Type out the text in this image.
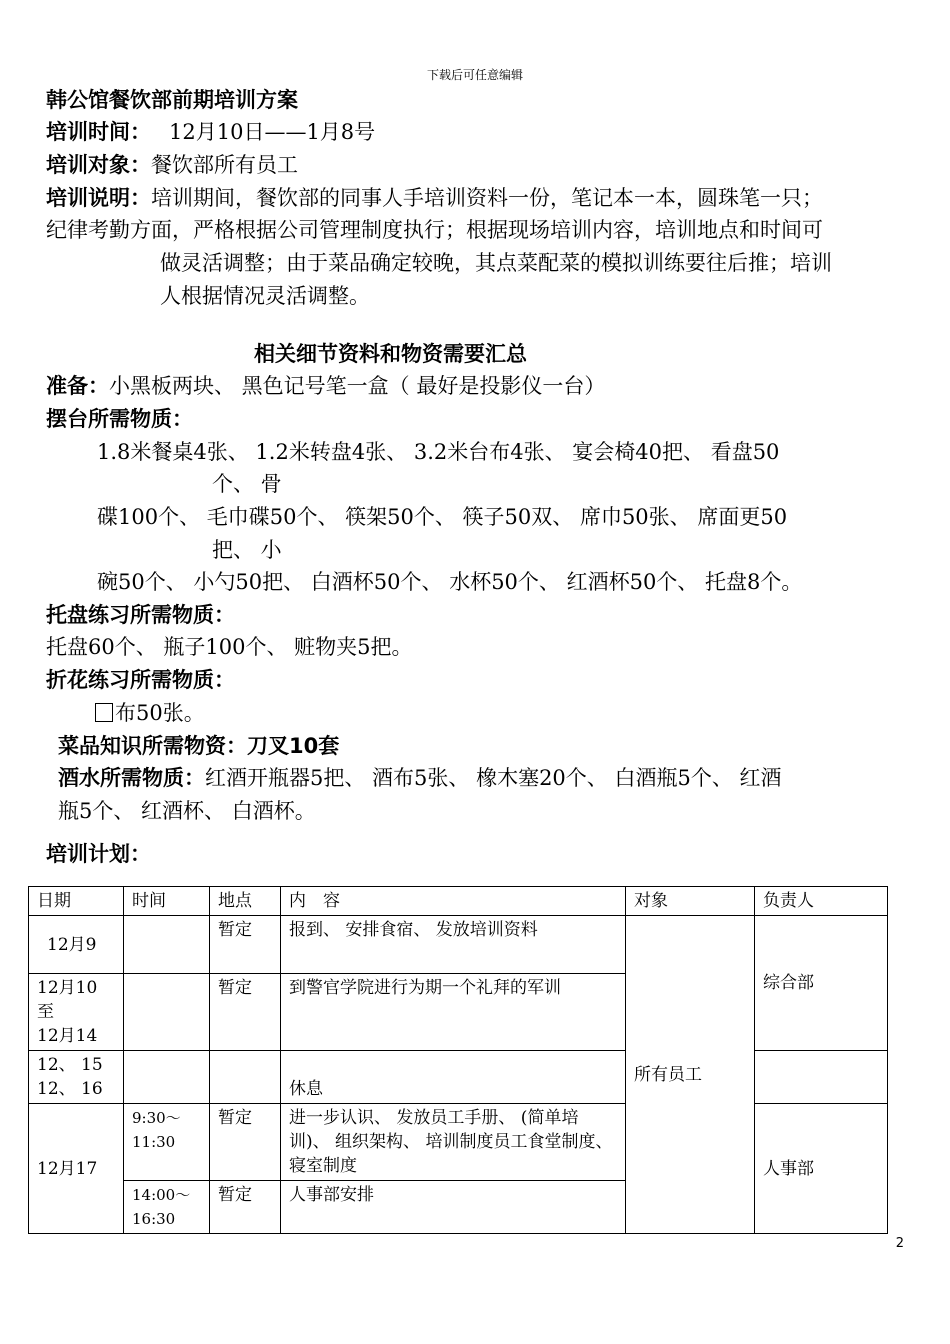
下载后可任意编辑
韩公馆餐饮部前期培训方案
培训时间： 12月10日——1月8号
培训对象：餐饮部所有员工
培训说明：培训期间，餐饮部的同事人手培训资料一份，笔记本一本，圆珠笔一只；
纪律考勤方面，严格根据公司管理制度执行；根据现场培训内容，培训地点和时间可
做灵活调整；由于菜品确定较晚，其点菜配菜的模拟训练要往后推；培训
人根据情况灵活调整。
相关细节资料和物资需要汇总
准备：小黑板两块、 黑色记号笔一盒（ 最好是投影仪一台）
摆台所需物质：
1.8米餐桌4张、 1.2米转盘4张、 3.2米台布4张、 宴会椅40把、 看盘50
个、 骨
碟100个、 毛巾碟50个、 筷架50个、 筷子50双、 席巾50张、 席面更50
把、 小
碗50个、 小勺50把、 白酒杯50个、 水杯50个、 红酒杯50个、 托盘8个。
托盘练习所需物质：
托盘60个、 瓶子100个、 赃物夹5把。
折花练习所需物质：
布50张。
菜品知识所需物资：刀叉10套
酒水所需物质：红酒开瓶器5把、 酒布5张、 橡木塞20个、 白酒瓶5个、 红酒
瓶5个、 红酒杯、 白酒杯。
培训计划：
日期	时间	地点	内　容	对象	负责人
12月9		暂定	报到、 安排食宿、 发放培训资料	所有员工	综合部

12月10
至
12月14		暂定	到警官学院进行为期一个礼拜的军训		

12、 15
12、 16			休息		
12月17	9:30～11:30	暂定	进一步认识、 发放员工手册、 (简单培训)、 组织架构、 培训制度员工食堂制度、 寝室制度		人事部
	14:00～16:30	暂定	人事部安排		
2
